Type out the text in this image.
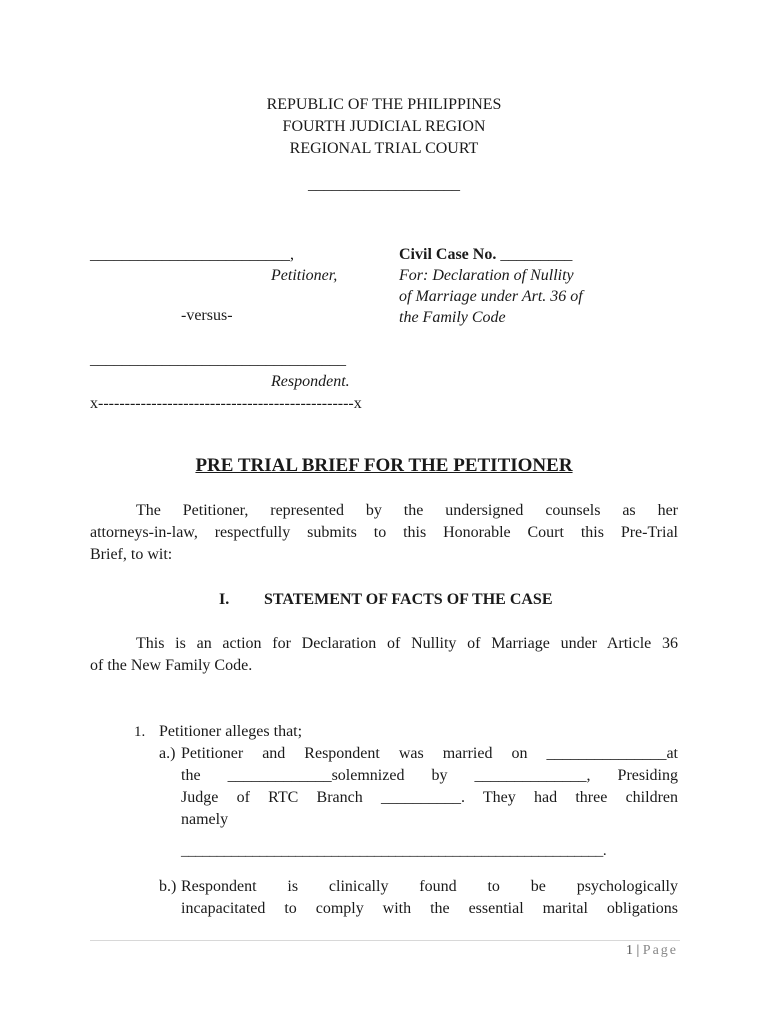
REPUBLIC OF THE PHILIPPINES
FOURTH JUDICIAL REGION
REGIONAL TRIAL COURT
___________________
_________________________,
Petitioner,
-versus-
________________________________
Respondent.
x------------------------------------------------x
Civil Case No. _________
For: Declaration of Nullity
of Marriage under Art. 36 of
the Family Code
PRE TRIAL BRIEF FOR THE PETITIONER
The Petitioner, represented by the undersigned counsels as her
attorneys-in-law, respectfully submits to this Honorable Court this Pre-Trial
Brief, to wit:
I. STATEMENT OF FACTS OF THE CASE
This is an action for Declaration of Nullity of Marriage under Article 36
of the New Family Code.
1. Petitioner alleges that;
a.) Petitioner and Respondent was married on _______________at
the _____________solemnized by ______________, Presiding
Judge of RTC Branch __________. They had three children
namely
___________________________________________________________.
b.) Respondent is clinically found to be psychologically
incapacitated to comply with the essential marital obligations
1 | Page
